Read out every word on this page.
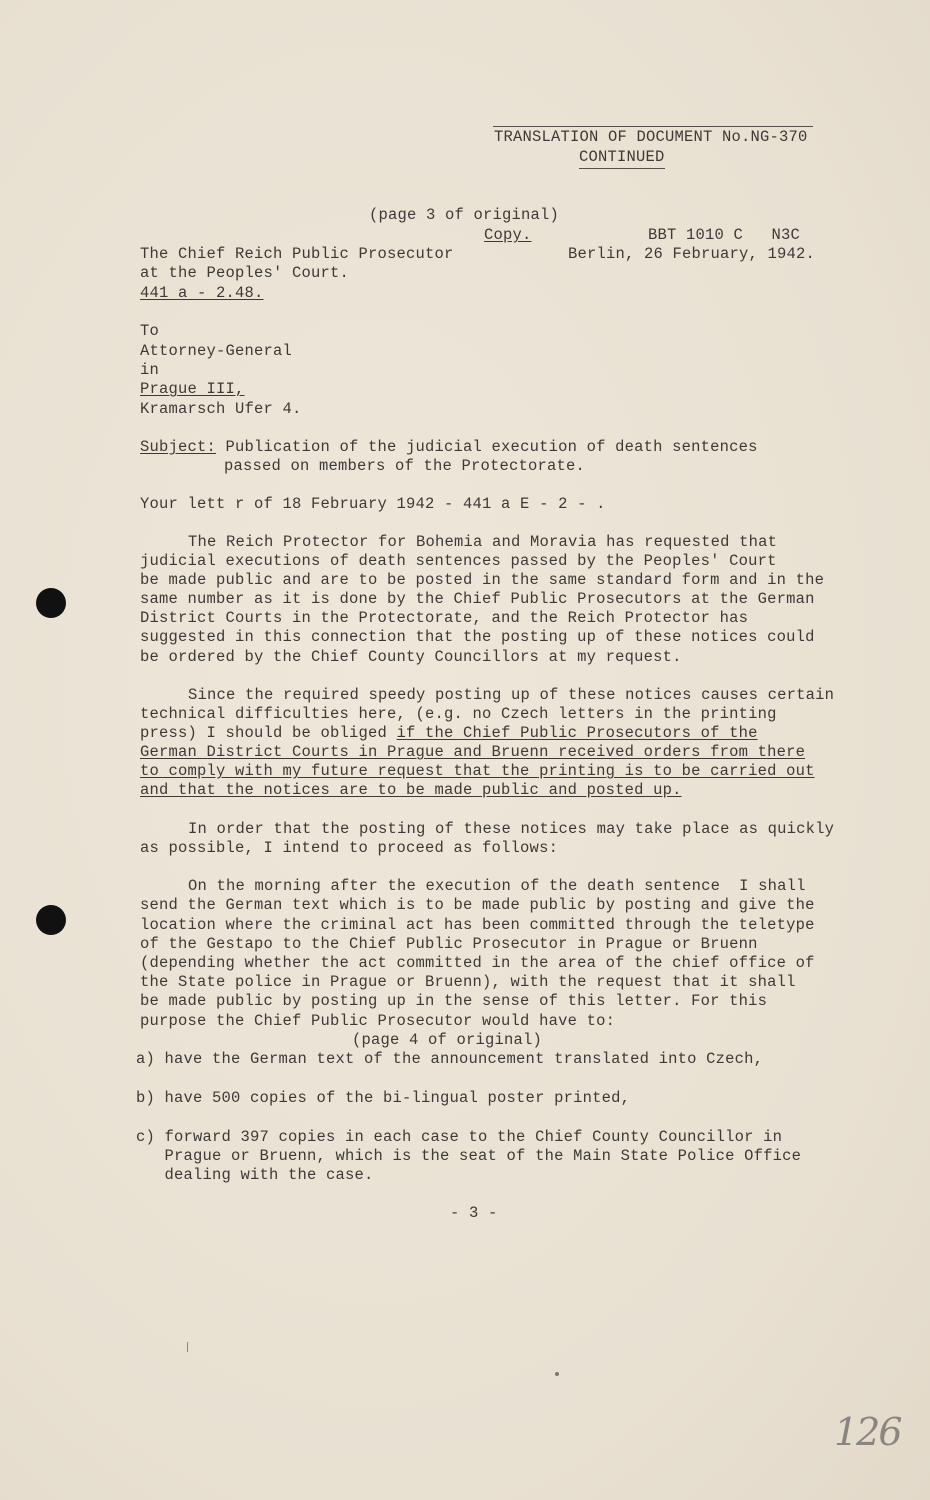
TRANSLATION OF DOCUMENT No.NG-370
CONTINUED
(page 3 of original)
Copy.	BBT 1010 C   N3C
The Chief Reich Public Prosecutor	Berlin, 26 February, 1942.
at the Peoples' Court.
441 a - 2.48.
To
Attorney-General
in
Prague III,
Kramarsch Ufer 4.
Subject: Publication of the judicial execution of death sentences
passed on members of the Protectorate.
Your lett r of 18 February 1942 - 441 a E - 2 - .
The Reich Protector for Bohemia and Moravia has requested that
judicial executions of death sentences passed by the Peoples' Court
be made public and are to be posted in the same standard form and in the
same number as it is done by the Chief Public Prosecutors at the German
District Courts in the Protectorate, and the Reich Protector has
suggested in this connection that the posting up of these notices could
be ordered by the Chief County Councillors at my request.
Since the required speedy posting up of these notices causes certain
technical difficulties here, (e.g. no Czech letters in the printing
press) I should be obliged if the Chief Public Prosecutors of the
German District Courts in Prague and Bruenn received orders from there
to comply with my future request that the printing is to be carried out
and that the notices are to be made public and posted up.
In order that the posting of these notices may take place as quickly
as possible, I intend to proceed as follows:
On the morning after the execution of the death sentence  I shall
send the German text which is to be made public by posting and give the
location where the criminal act has been committed through the teletype
of the Gestapo to the Chief Public Prosecutor in Prague or Bruenn
(depending whether the act committed in the area of the chief office of
the State police in Prague or Bruenn), with the request that it shall
be made public by posting up in the sense of this letter. For this
purpose the Chief Public Prosecutor would have to:
(page 4 of original)
a) have the German text of the announcement translated into Czech,
b) have 500 copies of the bi-lingual poster printed,
c) forward 397 copies in each case to the Chief County Councillor in
Prague or Bruenn, which is the seat of the Main State Police Office
dealing with the case.
- 3 -
126
